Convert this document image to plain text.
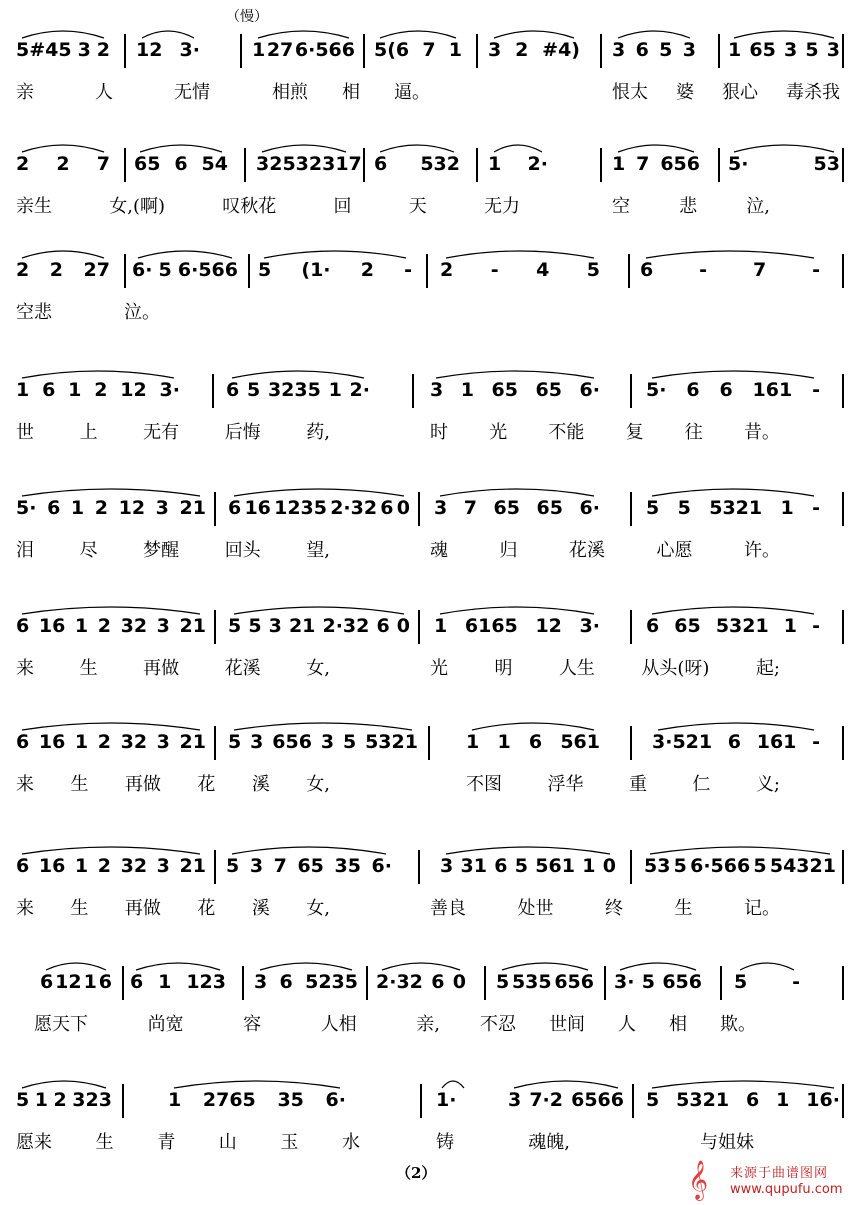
（慢）
5#45 3 2 12 3·	1 27 6·566 5(6 7 1 3 2 #4) 3 6 5 3 1 65 3 5 3
亲	人	无情	相煎 相 逼。	恨太 婆 狠心 毒杀我
2 2 7 65 6 54 3253 2317 6 532 1 2·	1 7 656 5·	53
亲生	女,(啊)	叹秋花	回	天	无力	空	悲	泣,
2 2 27 6· 5 6·566 5 (1· 2 - 2 - 4 5 6 - 7 -
空悲	泣。
1 6 1 2 12 3· 6 5 3235 1 2·	3 1 65 65 6· 5· 6 6 161 -
世	上	无有	后悔	药,	时 光 不能 复 往 昔。
5· 6 1 2 12 3 21 6 16 1235 2·32 6 0 3 7 65 65 6· 5 5 5321 1 -
泪	尽	梦醒	回头	望,	魂	归	花溪	心愿	许。
6 16 1 2 32 3 21 5 5 3 21 2·32 6 0 1 6165 12 3· 6 65 5321 1 -
来	生	再做	花溪	女,	光	明	人生	从头(呀)	起;
6 16 1 2 32 3 21 5 3 656 3 5 5321	1 1 6 561	3·521 6 161 -
来 生 再做 花 溪 女,	不图	浮华	重	仁	义;
6 16 1 2 32 3 21 5 3 7 65 35 6·	3 31 6 5 561 1 0 53 5 6·566 5 54321
来 生 再做 花 溪 女,	善良	处世	终	生	记。
6 12 1 6 6 1 123 3 6 5235 2·32 6 0 5 535 656 3· 5 656 5 -
愿天下	尚宽	容	人相	亲, 不忍 世间 人 相 欺。
5 1 2 323	1 2765 35 6·	1·	3 7·2 6566 5 5321 6 1 16·
愿来 生 青 山 玉 水	铸	魂魄,	与姐妹
（2）	𝄞 来源于曲谱图网
www.qupufu.com
